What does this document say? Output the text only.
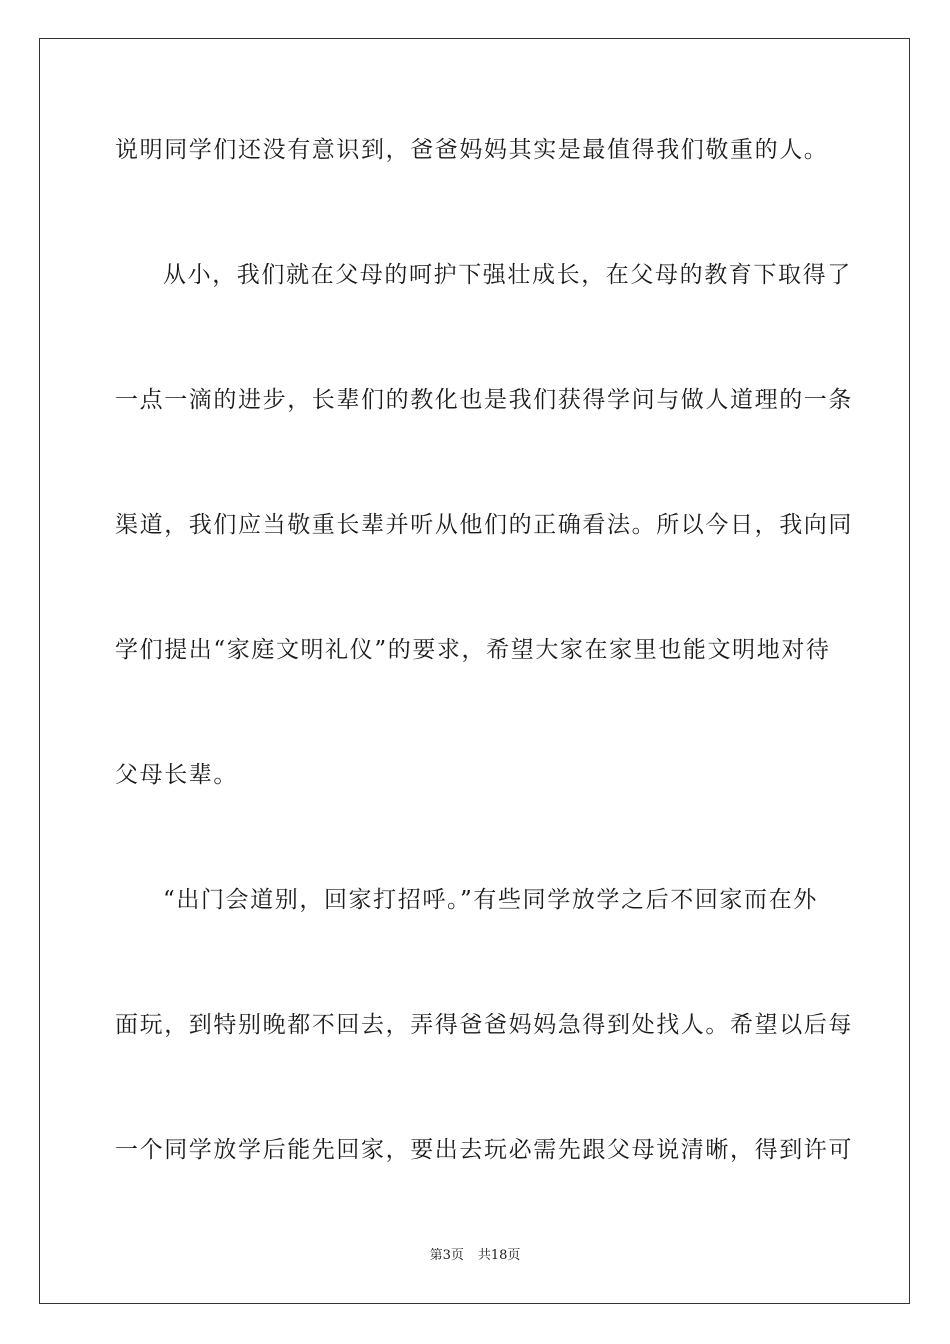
说明同学们还没有意识到，爸爸妈妈其实是最值得我们敬重的人。
从小，我们就在父母的呵护下强壮成长，在父母的教育下取得了
一点一滴的进步，长辈们的教化也是我们获得学问与做人道理的一条
渠道，我们应当敬重长辈并听从他们的正确看法。所以今日，我向同
学们提出“家庭文明礼仪”的要求，希望大家在家里也能文明地对待
父母长辈。
“出门会道别，回家打招呼。”有些同学放学之后不回家而在外
面玩，到特别晚都不回去，弄得爸爸妈妈急得到处找人。希望以后每
一个同学放学后能先回家，要出去玩必需先跟父母说清晰，得到许可
第3页 共18页
